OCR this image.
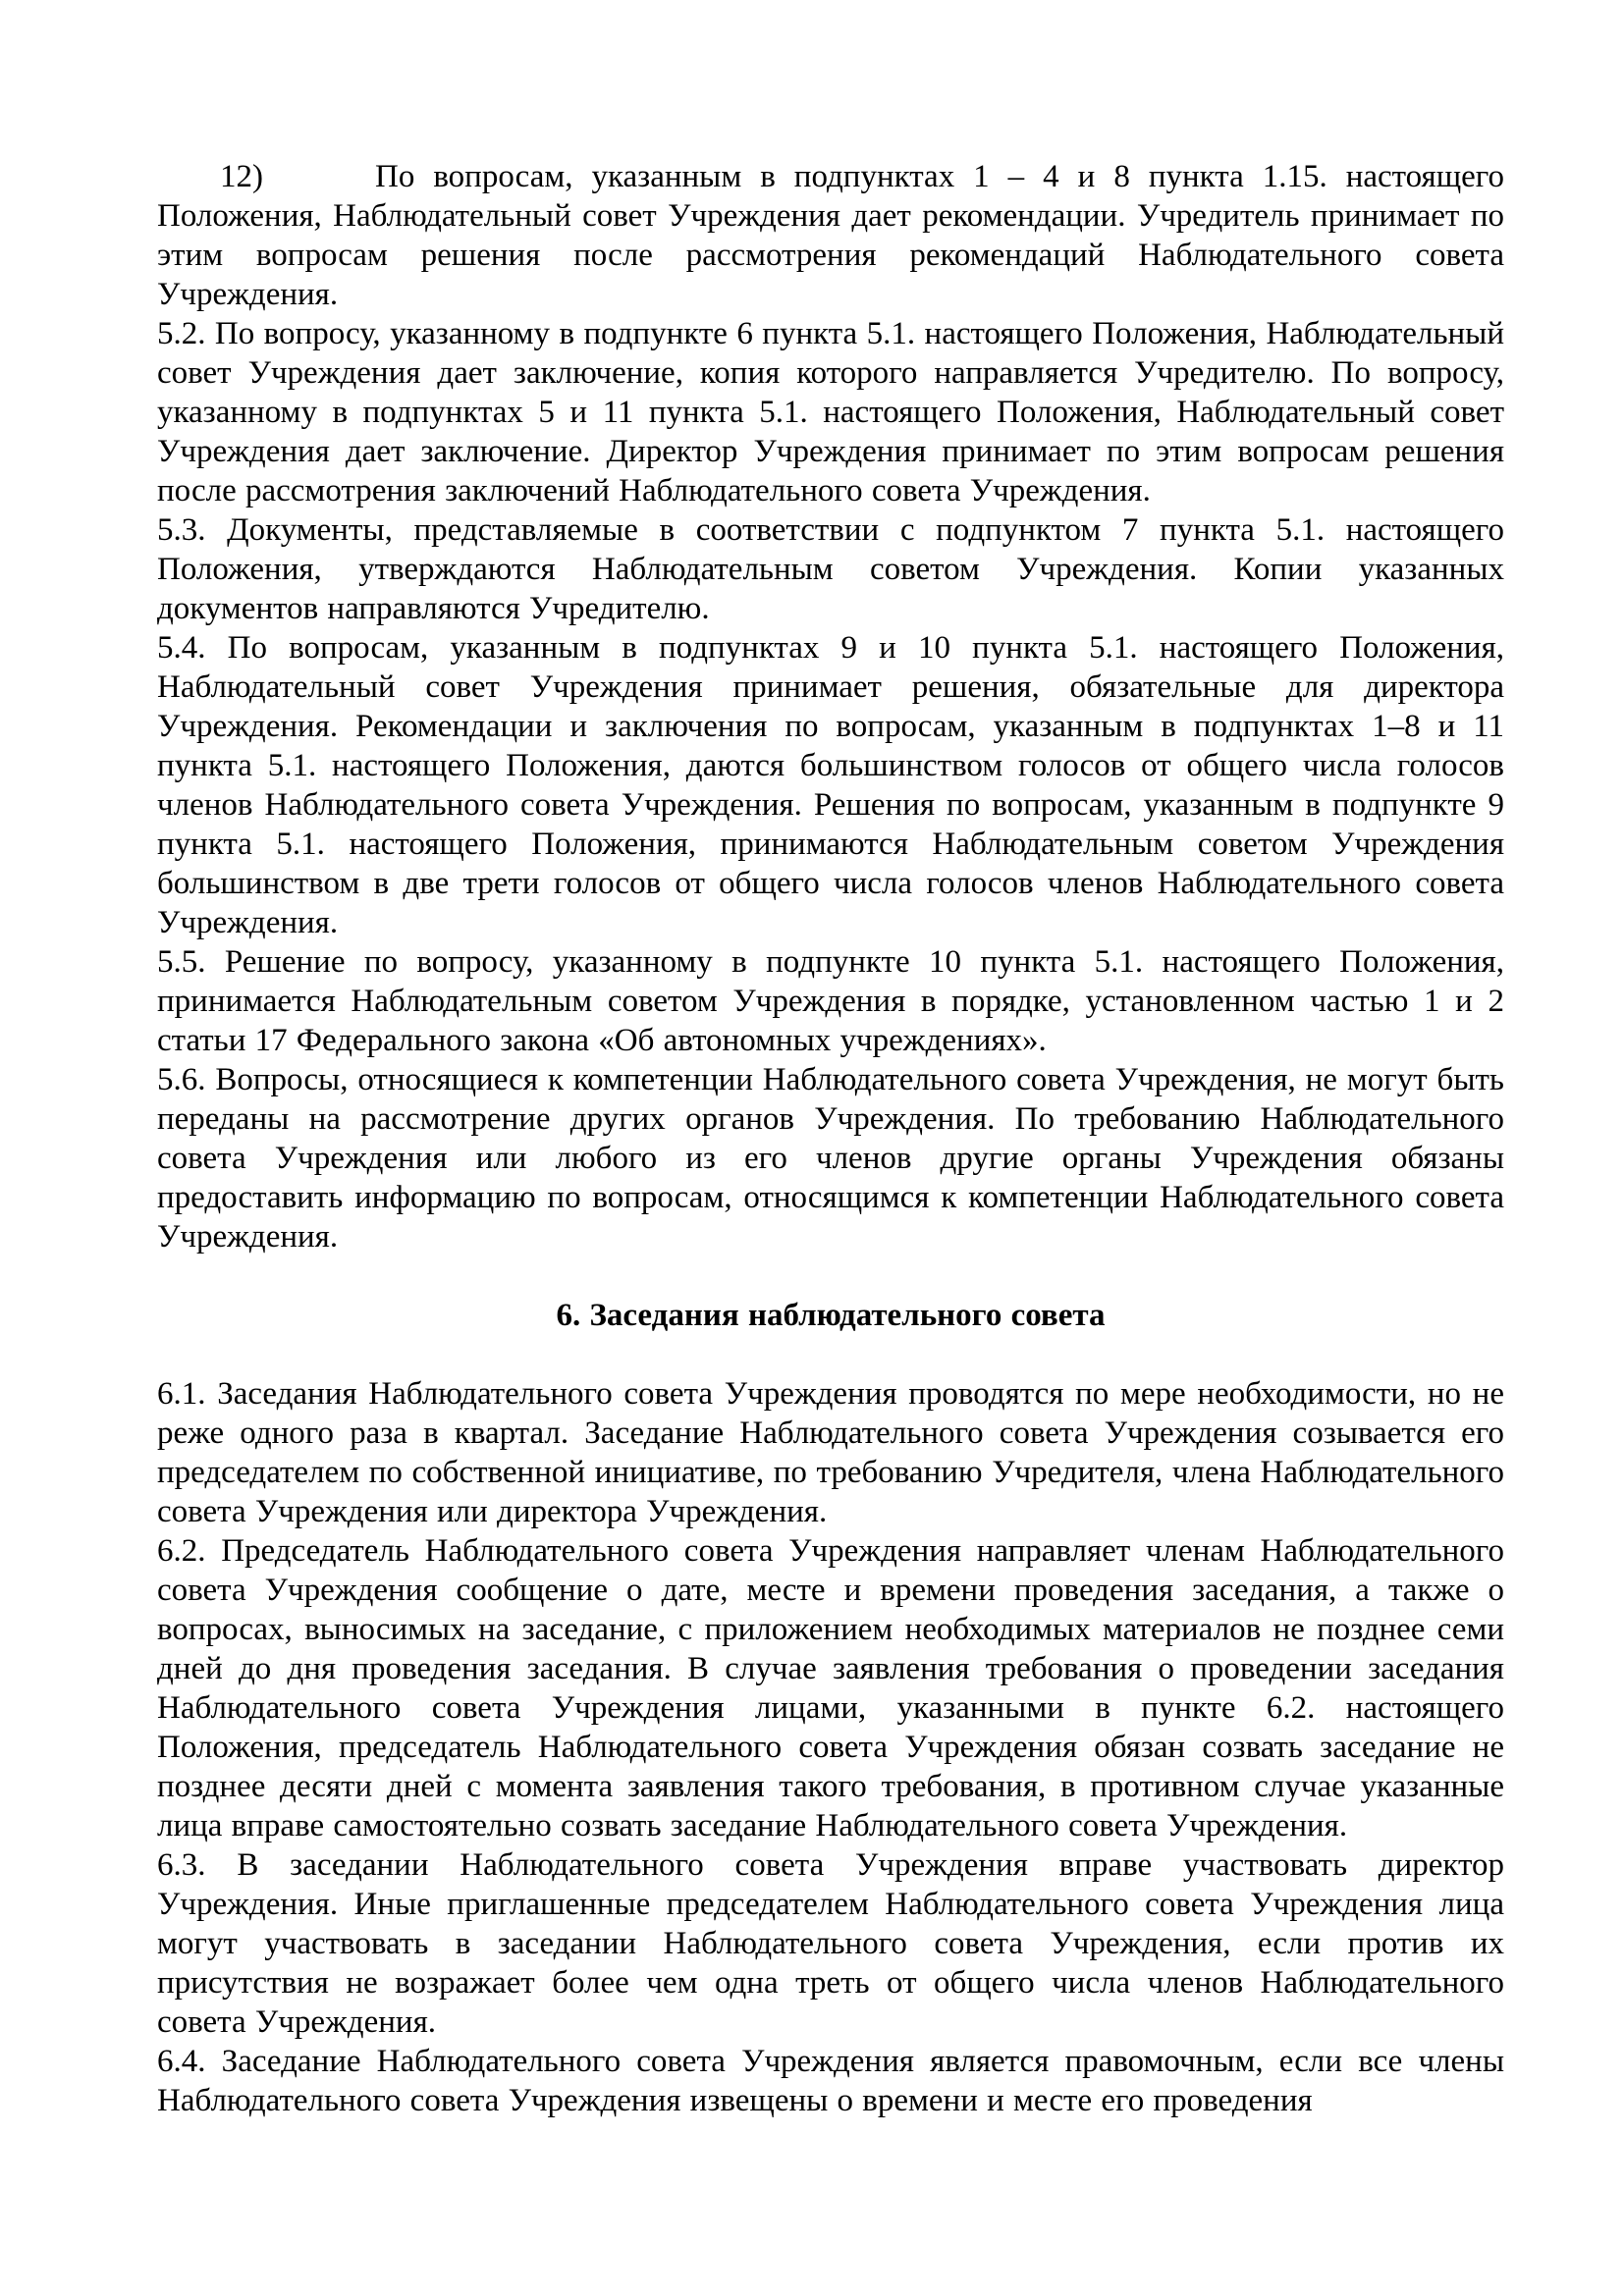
12)      По вопросам, указанным в подпунктах 1 – 4 и 8 пункта 1.15. настоящего Положения, Наблюдательный совет Учреждения дает рекомендации. Учредитель принимает по этим вопросам решения после рассмотрения рекомендаций Наблюдательного совета Учреждения.

5.2. По вопросу, указанному в подпункте 6 пункта 5.1. настоящего Положения, Наблюдательный совет Учреждения дает заключение, копия которого направляется Учредителю. По вопросу, указанному в подпунктах 5 и 11 пункта 5.1. настоящего Положения, Наблюдательный совет Учреждения дает заключение. Директор Учреждения принимает по этим вопросам решения после рассмотрения заключений Наблюдательного совета Учреждения.

5.3. Документы, представляемые в соответствии с подпунктом 7 пункта 5.1. настоящего Положения, утверждаются Наблюдательным советом Учреждения. Копии указанных документов направляются Учредителю.

5.4. По вопросам, указанным в подпунктах 9 и 10 пункта 5.1. настоящего Положения, Наблюдательный совет Учреждения принимает решения, обязательные для директора Учреждения. Рекомендации и заключения по вопросам, указанным в подпунктах 1–8 и 11 пункта 5.1. настоящего Положения, даются большинством голосов от общего числа голосов членов Наблюдательного совета Учреждения. Решения по вопросам, указанным в подпункте 9 пункта 5.1. настоящего Положения, принимаются Наблюдательным советом Учреждения большинством в две трети голосов от общего числа голосов членов Наблюдательного совета Учреждения.

5.5. Решение по вопросу, указанному в подпункте 10 пункта 5.1. настоящего Положения, принимается Наблюдательным советом Учреждения в порядке, установленном частью 1 и 2 статьи 17 Федерального закона «Об автономных учреждениях».

5.6. Вопросы, относящиеся к компетенции Наблюдательного совета Учреждения, не могут быть переданы на рассмотрение других органов Учреждения. По требованию Наблюдательного совета Учреждения или любого из его членов другие органы Учреждения обязаны предоставить информацию по вопросам, относящимся к компетенции Наблюдательного совета Учреждения.

6. Заседания наблюдательного совета

6.1. Заседания Наблюдательного совета Учреждения проводятся по мере необходимости, но не реже одного раза в квартал. Заседание Наблюдательного совета Учреждения созывается его председателем по собственной инициативе, по требованию Учредителя, члена Наблюдательного совета Учреждения или директора Учреждения.

6.2. Председатель Наблюдательного совета Учреждения направляет членам Наблюдательного совета Учреждения сообщение о дате, месте и времени проведения заседания, а также о вопросах, выносимых на заседание, с приложением необходимых материалов не позднее семи дней до дня проведения заседания. В случае заявления требования о проведении заседания Наблюдательного совета Учреждения лицами, указанными в пункте 6.2. настоящего Положения, председатель Наблюдательного совета Учреждения обязан созвать заседание не позднее десяти дней с момента заявления такого требования, в противном случае указанные лица вправе самостоятельно созвать заседание Наблюдательного совета Учреждения.

6.3. В заседании Наблюдательного совета Учреждения вправе участвовать директор Учреждения. Иные приглашенные председателем Наблюдательного совета Учреждения лица могут участвовать в заседании Наблюдательного совета Учреждения, если против их присутствия не возражает более чем одна треть от общего числа членов Наблюдательного совета Учреждения.

6.4. Заседание Наблюдательного совета Учреждения является правомочным, если все члены Наблюдательного совета Учреждения извещены о времени и месте его проведения
